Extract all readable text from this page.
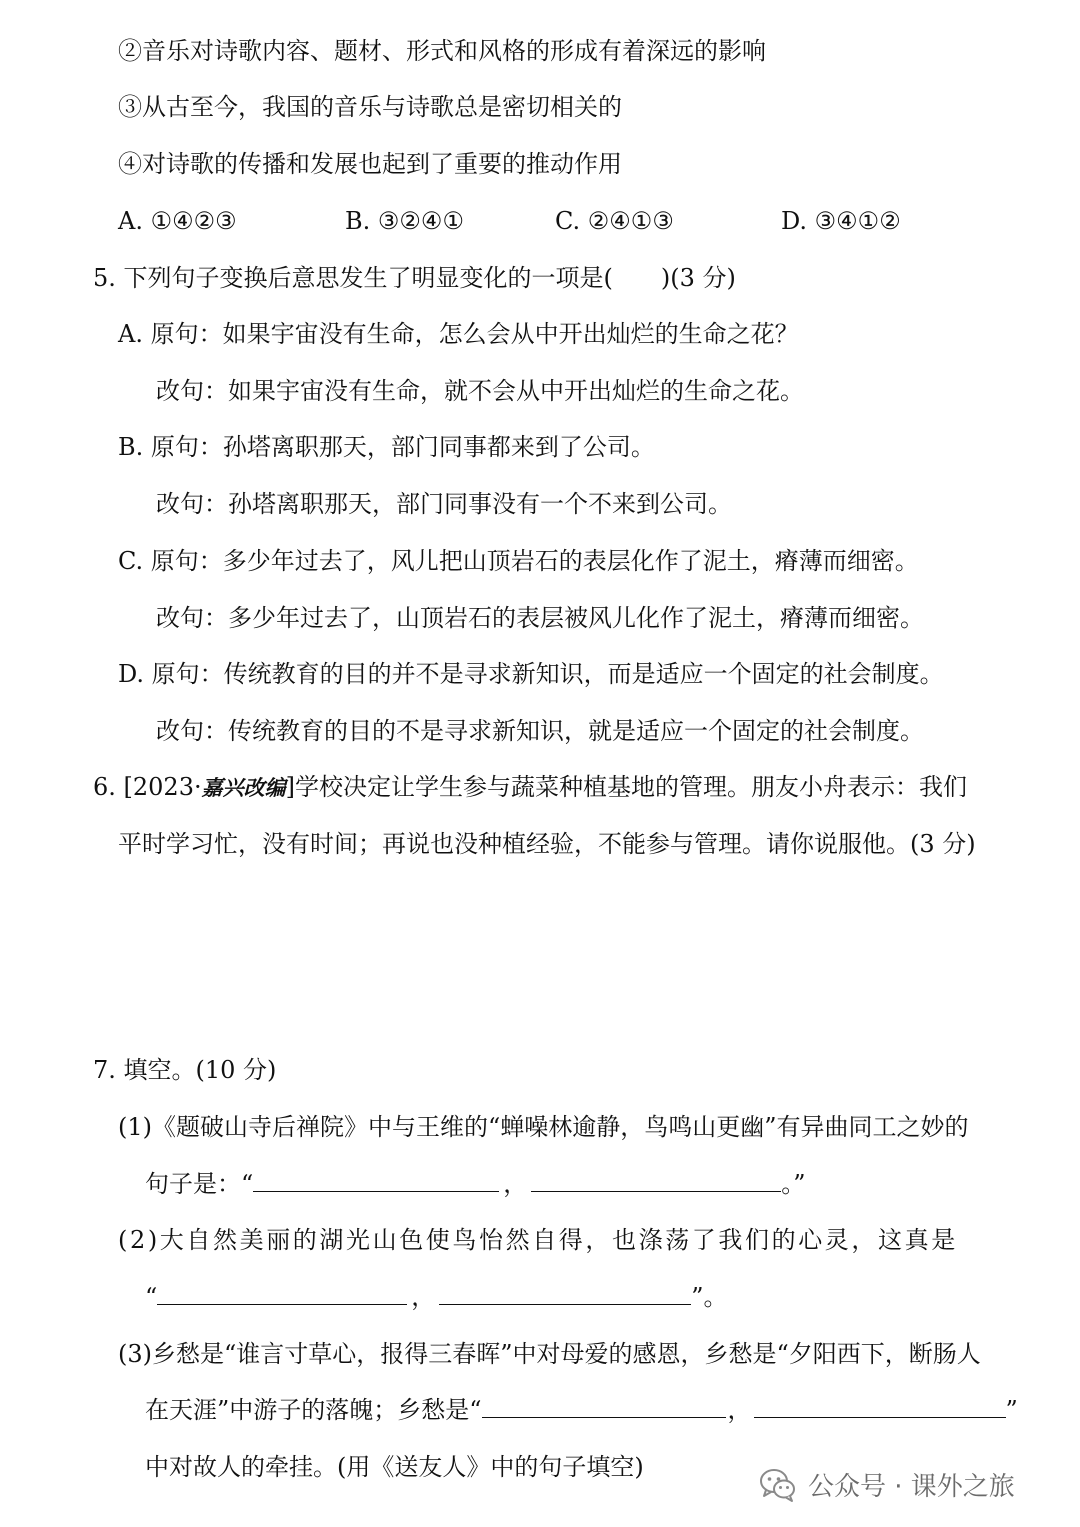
②音乐对诗歌内容、题材、形式和风格的形成有着深远的影响
③从古至今，我国的音乐与诗歌总是密切相关的
④对诗歌的传播和发展也起到了重要的推动作用
A. ①④②③	B. ③②④①	C. ②④①③	D. ③④①②
5. 下列句子变换后意思发生了明显变化的一项是(　　)(3 分)
A. 原句：如果宇宙没有生命，怎么会从中开出灿烂的生命之花？
改句：如果宇宙没有生命，就不会从中开出灿烂的生命之花。
B. 原句：孙塔离职那天，部门同事都来到了公司。
改句：孙塔离职那天，部门同事没有一个不来到公司。
C. 原句：多少年过去了，风儿把山顶岩石的表层化作了泥土，瘠薄而细密。
改句：多少年过去了，山顶岩石的表层被风儿化作了泥土，瘠薄而细密。
D. 原句：传统教育的目的并不是寻求新知识，而是适应一个固定的社会制度。
改句：传统教育的目的不是寻求新知识，就是适应一个固定的社会制度。
6. [2023·嘉兴改编]学校决定让学生参与蔬菜种植基地的管理。朋友小舟表示：我们
平时学习忙，没有时间；再说也没种植经验，不能参与管理。请你说服他。(3 分)
7. 填空。(10 分)
(1)《题破山寺后禅院》中与王维的“蝉噪林逾静，鸟鸣山更幽”有异曲同工之妙的
句子是：“	，	。”
(2)大自然美丽的湖光山色使鸟怡然自得，也涤荡了我们的心灵，这真是
“	，	”。
(3)乡愁是“谁言寸草心，报得三春晖”中对母爱的感恩，乡愁是“夕阳西下，断肠人
在天涯”中游子的落魄；乡愁是“	，	”
中对故人的牵挂。(用《送友人》中的句子填空)
公众号 · 课外之旅
